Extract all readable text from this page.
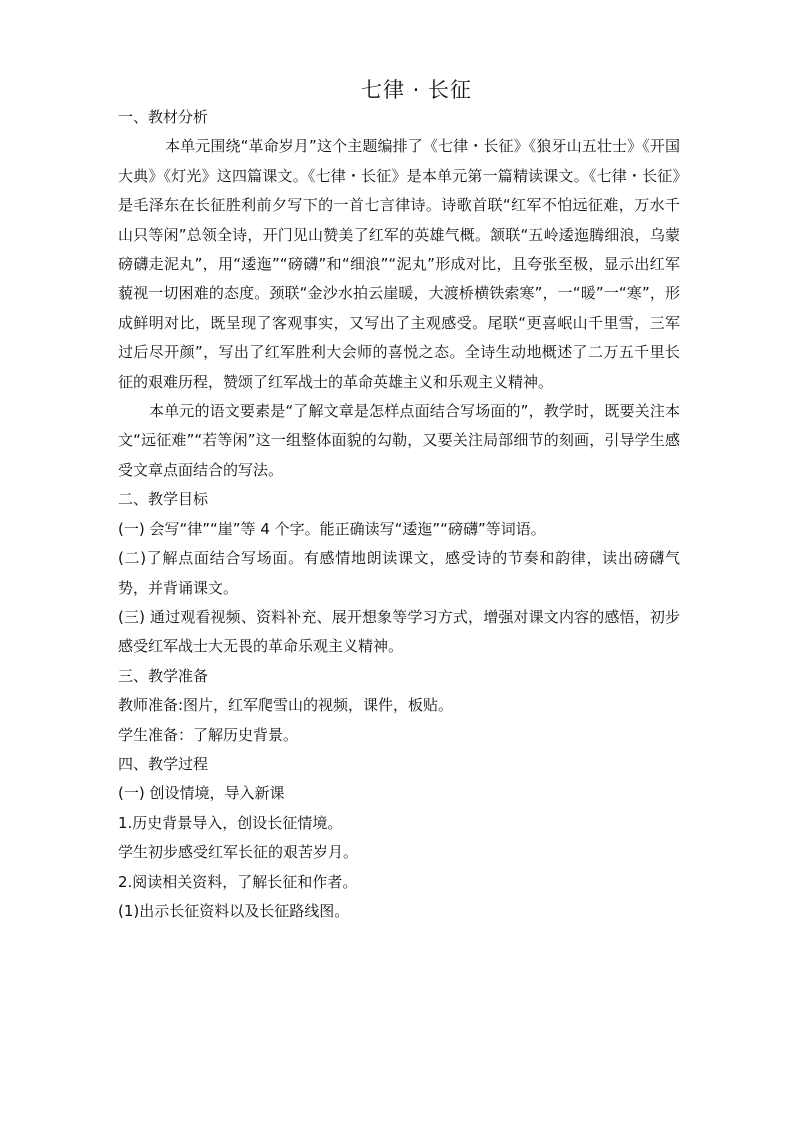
七律 · 长征

一、教材分析

本单元围绕“革命岁月”这个主题编排了《七律・长征》《狼牙山五壮士》《开国大典》《灯光》这四篇课文。《七律・长征》是本单元第一篇精读课文。《七律・长征》是毛泽东在长征胜利前夕写下的一首七言律诗。诗歌首联“红军不怕远征难，万水千山只等闲”总领全诗，开门见山赞美了红军的英雄气概。颔联“五岭逶迤腾细浪，乌蒙磅礴走泥丸”，用“逶迤”“磅礴”和“细浪”“泥丸”形成对比，且夸张至极，显示出红军藐视一切困难的态度。颈联“金沙水拍云崖暖，大渡桥横铁索寒”，一“暖”一“寒”，形成鲜明对比，既呈现了客观事实，又写出了主观感受。尾联“更喜岷山千里雪，三军过后尽开颜”，写出了红军胜利大会师的喜悦之态。全诗生动地概述了二万五千里长征的艰难历程，赞颂了红军战士的革命英雄主义和乐观主义精神。

本单元的语文要素是“了解文章是怎样点面结合写场面的”，教学时，既要关注本文“远征难”“若等闲”这一组整体面貌的勾勒，又要关注局部细节的刻画，引导学生感受文章点面结合的写法。

二、教学目标

(一) 会写“律”“崖”等 4 个字。能正确读写“逶迤”“磅礴”等词语。

(二)了解点面结合写场面。有感情地朗读课文，感受诗的节奏和韵律，读出磅礴气势，并背诵课文。

(三) 通过观看视频、资料补充、展开想象等学习方式，增强对课文内容的感悟，初步感受红军战士大无畏的革命乐观主义精神。

三、教学准备

教师准备:图片，红军爬雪山的视频，课件，板贴。

学生准备：了解历史背景。

四、教学过程

(一) 创设情境，导入新课

1.历史背景导入，创设长征情境。

学生初步感受红军长征的艰苦岁月。

2.阅读相关资料，了解长征和作者。

(1)出示长征资料以及长征路线图。
